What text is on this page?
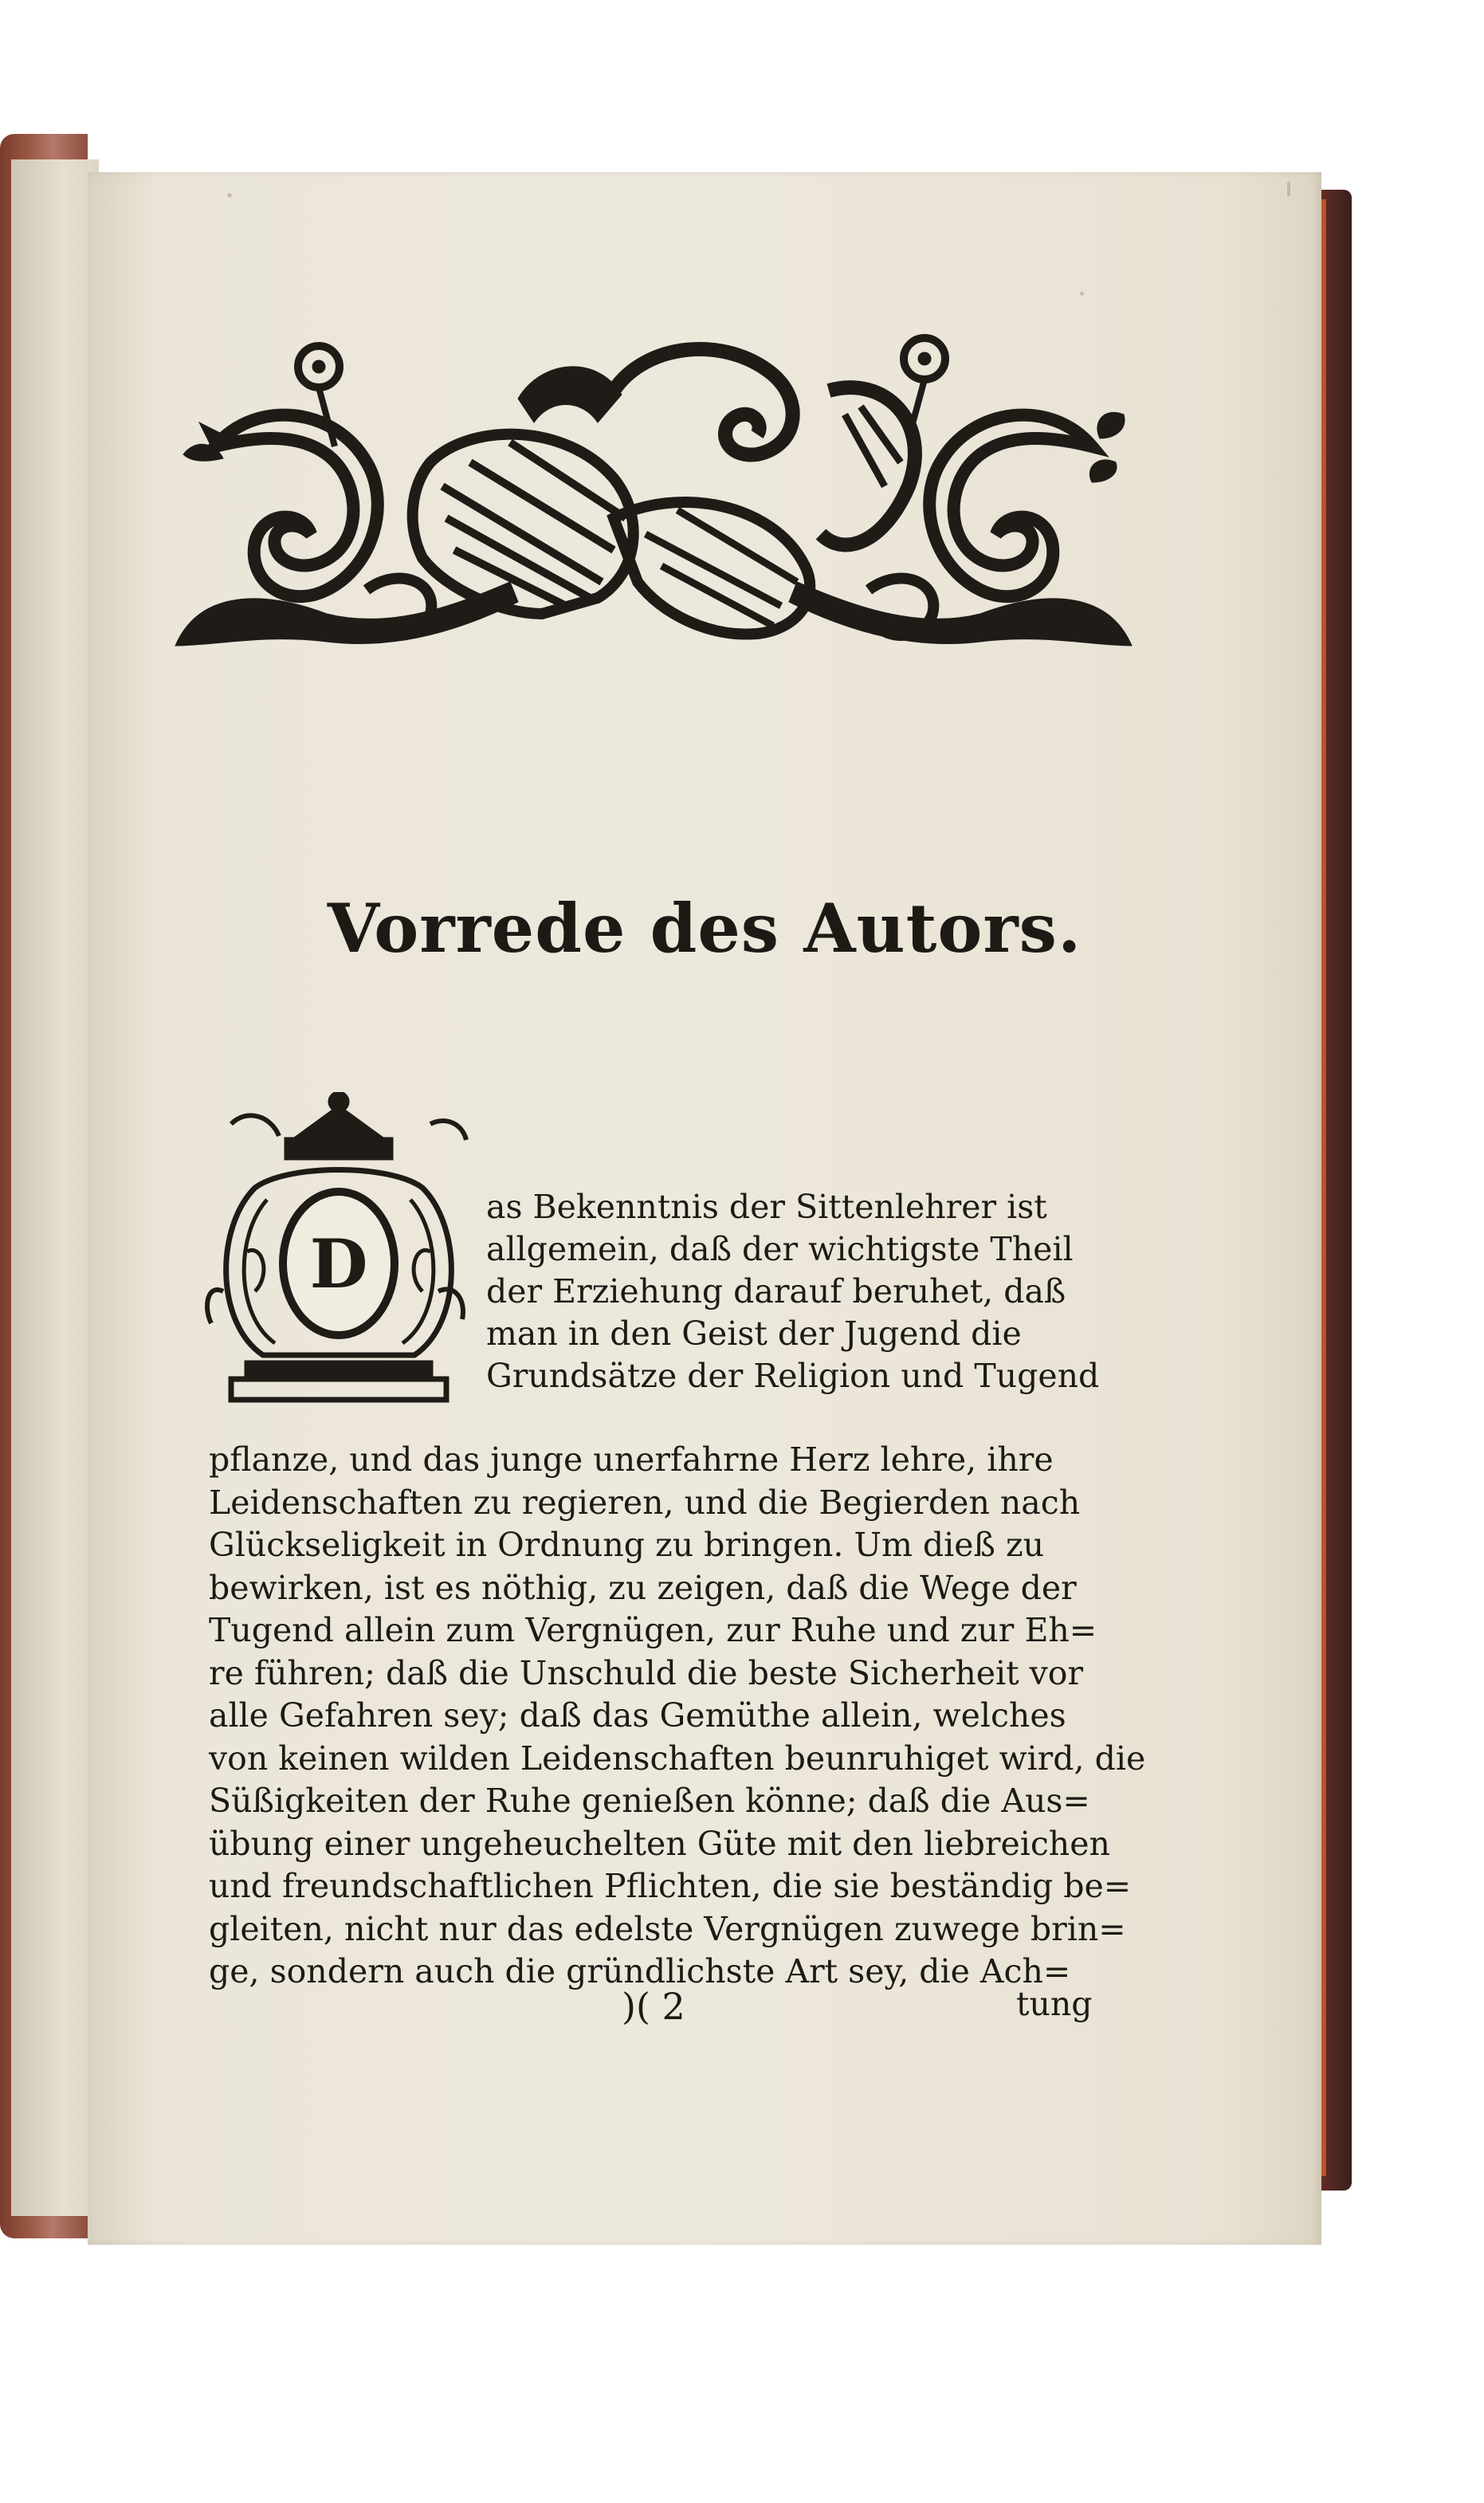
Vorrede des Autors.
D
as Bekenntnis der Sittenlehrer ist
allgemein, daß der wichtigste Theil
der Erziehung darauf beruhet, daß
man in den Geist der Jugend die
Grundsätze der Religion und Tugend
pflanze, und das junge unerfahrne Herz lehre, ihre
Leidenschaften zu regieren, und die Begierden nach
Glückseligkeit in Ordnung zu bringen. Um dieß zu
bewirken, ist es nöthig, zu zeigen, daß die Wege der
Tugend allein zum Vergnügen, zur Ruhe und zur Eh=
re führen; daß die Unschuld die beste Sicherheit vor
alle Gefahren sey; daß das Gemüthe allein, welches
von keinen wilden Leidenschaften beunruhiget wird, die
Süßigkeiten der Ruhe genießen könne; daß die Aus=
übung einer ungeheuchelten Güte mit den liebreichen
und freundschaftlichen Pflichten, die sie beständig be=
gleiten, nicht nur das edelste Vergnügen zuwege brin=
ge, sondern auch die gründlichste Art sey, die Ach=
)( 2	tung
